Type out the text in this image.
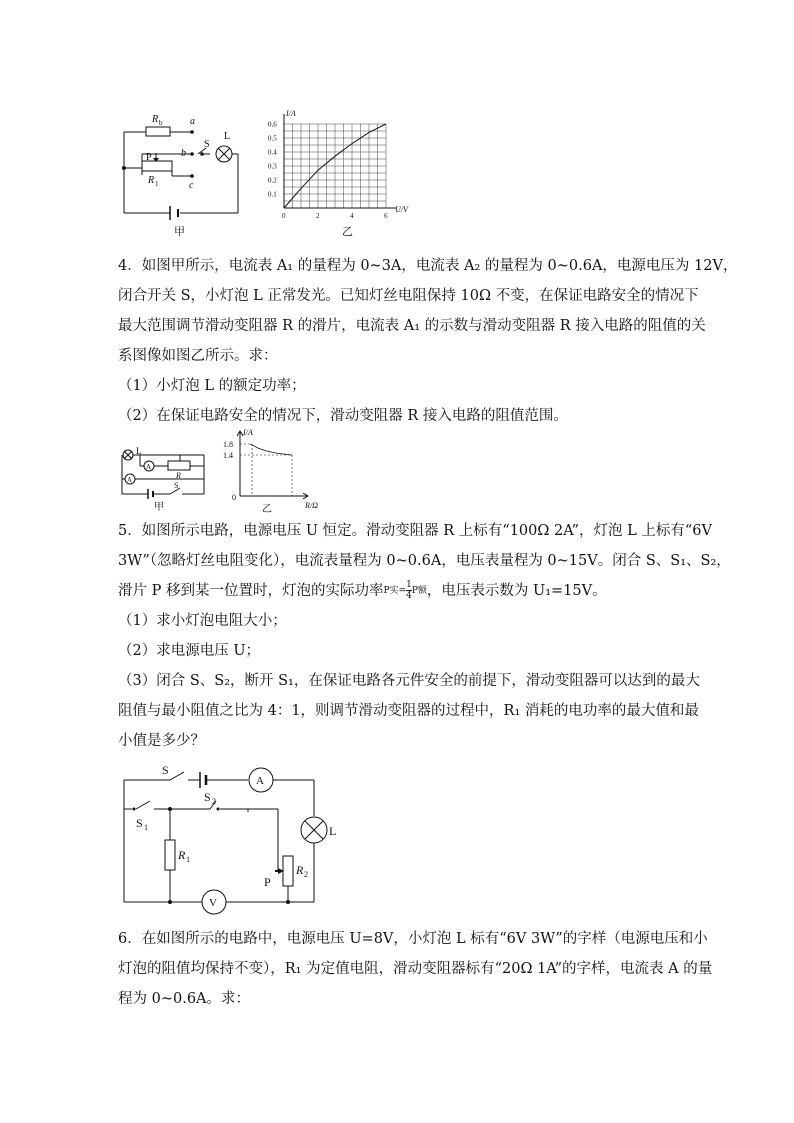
R b	a
S
L
b
c
P
R 1
甲
0	2	4	6
0.1
0.2
0.3
0.4
0.5
0.6
I/A
U/V
乙
4．如图甲所示，电流表 A₁ 的量程为 0~3A，电流表 A₂ 的量程为 0~0.6A，电源电压为 12V，
闭合开关 S，小灯泡 L 正常发光。已知灯丝电阻保持 10Ω 不变，在保证电路安全的情况下
最大范围调节滑动变阻器 R 的滑片，电流表 A₁ 的示数与滑动变阻器 R 接入电路的阻值的关
系图像如图乙所示。求：
（1）小灯泡 L 的额定功率；
（2）在保证电路安全的情况下，滑动变阻器 R 接入电路的阻值范围。
L
A
A	R
S
甲
1.8
1.4
0
I/A
R/Ω
乙
5．如图所示电路，电源电压 U 恒定。滑动变阻器 R 上标有“100Ω 2A”，灯泡 L 上标有“6V
3W”（忽略灯丝电阻变化），电流表量程为 0~0.6A，电压表量程为 0~15V。闭合 S、S₁、S₂，
滑片 P 移到某一位置时，灯泡的实际功率P实= $\frac{1}{4}$ P额，电压表示数为 U₁=15V。
（1）求小灯泡电阻大小；
（2）求电源电压 U；
（3）闭合 S、S₂，断开 S₁，在保证电路各元件安全的前提下，滑动变阻器可以达到的最大
阻值与最小阻值之比为 4：1，则调节滑动变阻器的过程中，R₁ 消耗的电功率的最大值和最
小值是多少？
S
A
S 1
S 2
R 1
L
P
R 2
V
6．在如图所示的电路中，电源电压 U=8V，小灯泡 L 标有“6V 3W”的字样（电源电压和小
灯泡的阻值均保持不变），R₁ 为定值电阻，滑动变阻器标有“20Ω 1A”的字样，电流表 A 的量
程为 0~0.6A。求：
